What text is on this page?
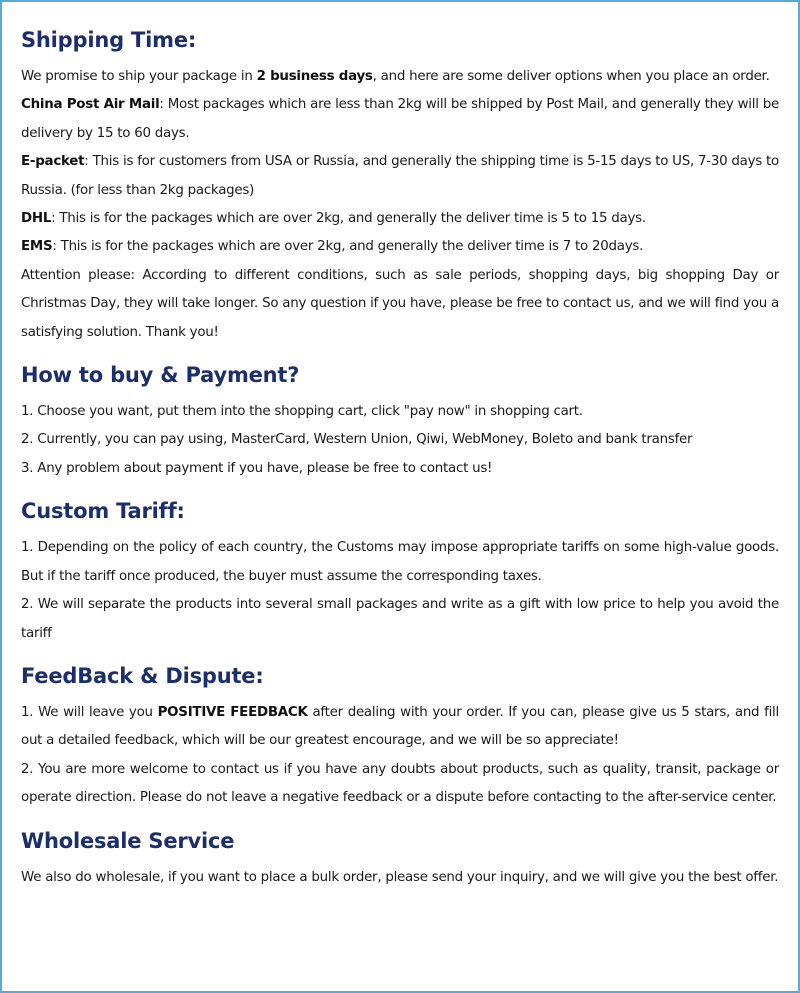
Shipping Time:

We promise to ship your package in 2 business days, and here are some deliver options when you place an order.

China Post Air Mail: Most packages which are less than 2kg will be shipped by Post Mail, and generally they will be delivery by 15 to 60 days.

E-packet: This is for customers from USA or Russia, and generally the shipping time is 5-15 days to US, 7-30 days to Russia. (for less than 2kg packages)

DHL: This is for the packages which are over 2kg, and generally the deliver time is 5 to 15 days.

EMS: This is for the packages which are over 2kg, and generally the deliver time is 7 to 20days.

Attention please: According to different conditions, such as sale periods, shopping days, big shopping Day or Christmas Day, they will take longer. So any question if you have, please be free to contact us, and we will find you a satisfying solution. Thank you!

How to buy & Payment?

1. Choose you want, put them into the shopping cart, click "pay now" in shopping cart.

2. Currently, you can pay using, MasterCard, Western Union, Qiwi, WebMoney, Boleto and bank transfer

3. Any problem about payment if you have, please be free to contact us!

Custom Tariff:

1. Depending on the policy of each country, the Customs may impose appropriate tariffs on some high-value goods. But if the tariff once produced, the buyer must assume the corresponding taxes.

2. We will separate the products into several small packages and write as a gift with low price to help you avoid the tariff

FeedBack & Dispute:

1. We will leave you POSITIVE FEEDBACK after dealing with your order. If you can, please give us 5 stars, and fill out a detailed feedback, which will be our greatest encourage, and we will be so appreciate!

2. You are more welcome to contact us if you have any doubts about products, such as quality, transit, package or operate direction. Please do not leave a negative feedback or a dispute before contacting to the after-service center.

Wholesale Service

We also do wholesale, if you want to place a bulk order, please send your inquiry, and we will give you the best offer.
